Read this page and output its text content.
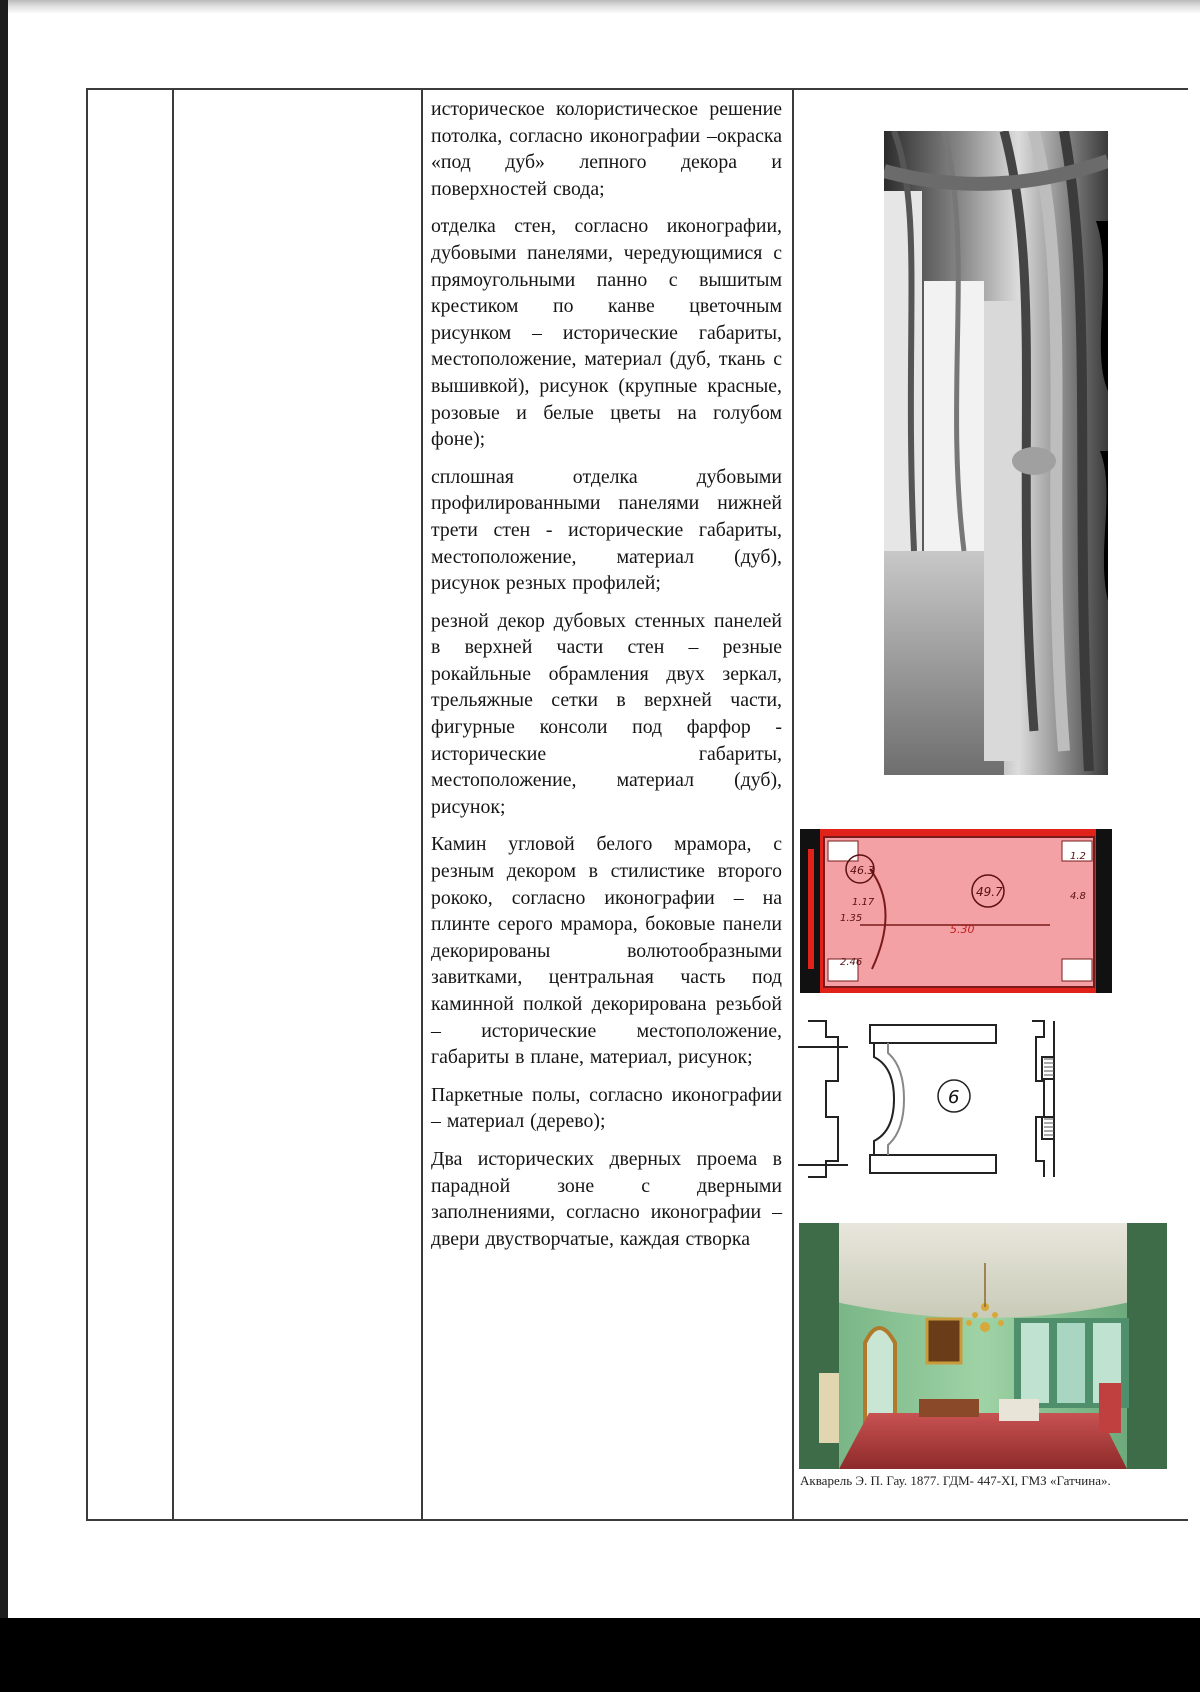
историческое колористическое решение потолка, согласно иконографии –окраска «под дуб» лепного декора и поверхностей свода;

отделка стен, согласно иконографии, дубовыми панелями, чередующимися с прямоугольными панно с вышитым крестиком по канве цветочным рисунком – исторические габариты, местоположение, материал (дуб, ткань с вышивкой), рисунок (крупные красные, розовые и белые цветы на голубом фоне);

сплошная отделка дубовыми профилированными панелями нижней трети стен - исторические габариты, местоположение, материал (дуб), рисунок резных профилей;

резной декор дубовых стенных панелей в верхней части стен – резные рокайльные обрамления двух зеркал, трельяжные сетки в верхней части, фигурные консоли под фарфор - исторические габариты, местоположение, материал (дуб), рисунок;

Камин угловой белого мрамора, с резным декором в стилистике второго рококо, согласно иконографии – на плинте серого мрамора, боковые панели декорированы волютообразными завитками, центральная часть под каминной полкой декорирована резьбой – исторические местоположение, габариты в плане, материал, рисунок;

Паркетные полы, согласно иконографии – материал (дерево);

Два исторических дверных проема в парадной зоне с дверными заполнениями, согласно иконографии – двери двустворчатые, каждая створка

46.3
49.7
1.17
1.35
2.46
5.30
4.8
1.2
6
Акварель Э. П. Гау. 1877. ГДМ- 447-XI, ГМЗ «Гатчина».
